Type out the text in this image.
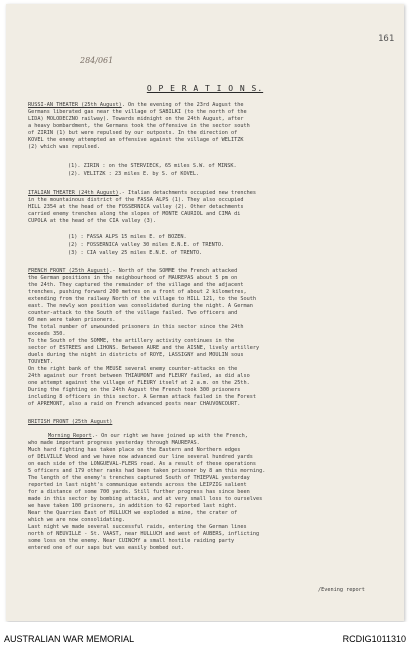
161
284/061
O P E R A T I O N S.
RUSSI-AN THEATER (25th August). On the evening of the 23rd August the
Germans liberated gas near the village of SABILKI (to the north of the
LIDA) MOLODECZNO railway). Towards midnight on the 24th August, after
a heavy bombardment, the Germans took the offensive in the sector south
of ZIRIN (1) but were repulsed by our outposts. In the direction of
KOVEL the enemy attempted an offensive against the village of WELITZK
(2) which was repulsed.
(1). ZIRIN : on the STERVIECK, 65 miles S.W. of MINSK.
(2). VELITZK : 23 miles E. by S. of KOVEL.
ITALIAN THEATER (24th August).- Italian detachments occupied new trenches
in the mountainous district of the FASSA ALPS (1). They also occupied
HILL 2354 at the head of the FOSSERNICA valley (2). Other detachments
carried enemy trenches along the slopes of MONTE CAURIOL and CIMA di
CUPOLA at the head of the CIA valley (3).
(1) : FASSA ALPS 15 miles E. of BOZEN.
(2) : FOSSERNICA valley 30 miles E.N.E. of TRENTO.
(3) : CIA valley 25 miles E.N.E. of TRENTO.
FRENCH FRONT (25th August).- North of the SOMME the French attacked
the German positions in the neighbourhood of MAUREPAS about 5 pm on
the 24th. They captured the remainder of the village and the adjacent
trenches, pushing forward 200 metres on a front of about 2 kilometres,
extending from the railway North of the village to HILL 121, to the South
east. The newly won position was consolidated during the night. A German
counter-attack to the South of the village failed. Two officers and
60 men were taken prisoners.
The total number of unwounded prisoners in this sector since the 24th
exceeds 350.
To the South of the SOMME, the artillery activity continues in the
sector of ESTREES and LIHONS. Between AURE and the AISNE, lively artillery
duels during the night in districts of ROYE, LASSIGNY and MOULIN sous
TOUVENT.
On the right bank of the MEUSE several enemy counter-attacks on the
24th against our front between THIAUMONT and FLEURY failed, as did also
one attempt against the village of FLEURY itself at 2 a.m. on the 25th.
During the fighting on the 24th August the French took 300 prisoners
including 8 officers in this sector. A German attack failed in the Forest
of APREMONT, also a raid on French advanced posts near CHAUVONCOURT.
BRITISH FRONT (25th August)
Morning Report.- On our right we have joined up with the French,
who made important progress yesterday through MAUREPAS.
Much hard fighting has taken place on the Eastern and Northern edges
of DELVILLE Wood and we have now advanced our line several hundred yards
on each side of the LONGUEVAL-FLERS road. As a result of these operations
5 officers and 179 other ranks had been taken prisoner by 8 am this morning.
The length of the enemy's trenches captured South of THIEPVAL yesterday
reported in last night's communique extends across the LEIPZIG salient
for a distance of some 700 yards. Still further progress has since been
made in this sector by bombing attacks, and at very small loss to ourselves
we have taken 100 prisoners, in addition to 62 reported last night.
Near the Quarries East of HULLUCH we exploded a mine, the crater of
which we are now consolidating.
Last night we made several successful raids, entering the German lines
north of NEUVILLE - St. VAAST, near HULLUCH and west of AUBERS, inflicting
some loss on the enemy. Near CUINCHY a small hostile raiding party
entered one of our saps but was easily bombed out.
/Evening report
AUSTRALIAN WAR MEMORIAL	RCDIG1011310
